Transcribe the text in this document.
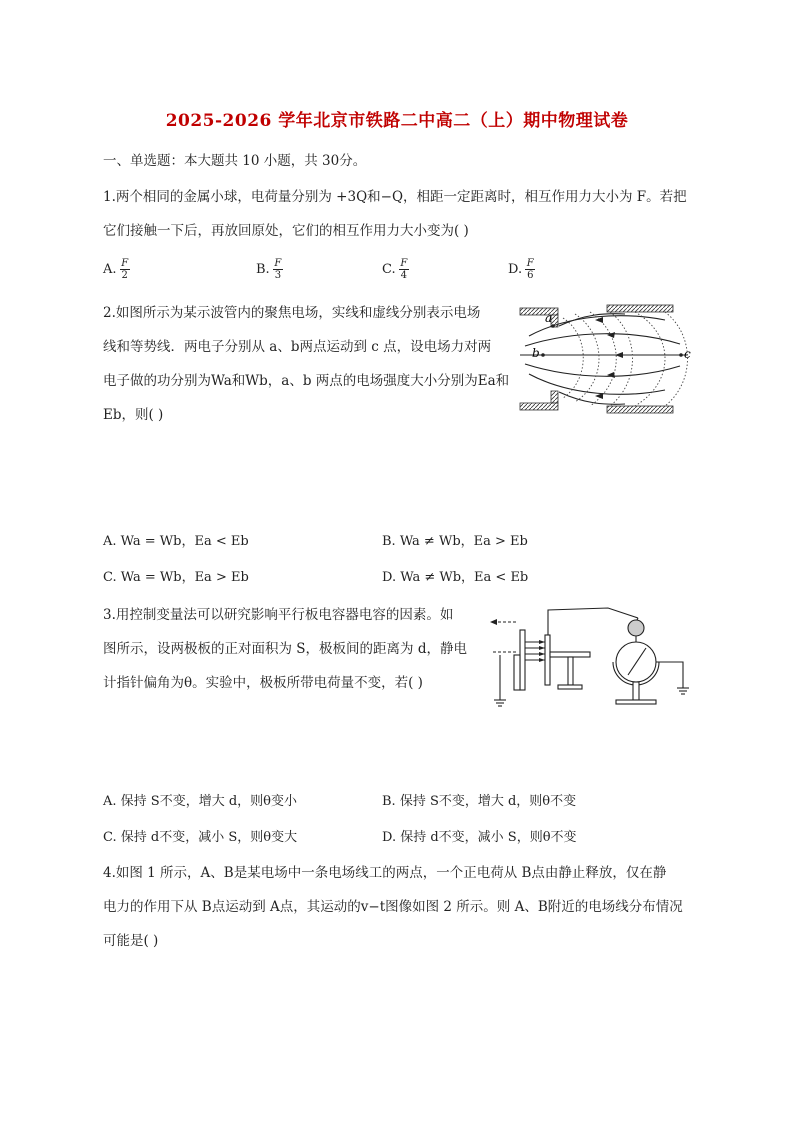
2025-2026 学年北京市铁路二中高二（上）期中物理试卷
一、单选题：本大题共 10 小题，共 30分。
1.两个相同的金属小球，电荷量分别为 +3Q和−Q，相距一定距离时，相互作用力大小为 F。若把
它们接触一下后，再放回原处，它们的相互作用力大小变为( )
A. $\frac{F}{2}$	B. $\frac{F}{3}$	C. $\frac{F}{4}$	D. $\frac{F}{6}$
2.如图所示为某示波管内的聚焦电场，实线和虚线分别表示电场
线和等势线．两电子分别从 a、b两点运动到 c 点，设电场力对两
电子做的功分别为Wa和Wb，a、b 两点的电场强度大小分别为Ea和
Eb，则( )
a
b	c
A. Wa = Wb，Ea < Eb	B. Wa ≠ Wb，Ea > Eb
C. Wa = Wb，Ea > Eb	D. Wa ≠ Wb，Ea < Eb
3.用控制变量法可以研究影响平行板电容器电容的因素。如
图所示，设两极板的正对面积为 S，极板间的距离为 d，静电
计指针偏角为θ。实验中，极板所带电荷量不变，若( )
A. 保持 S不变，增大 d，则θ变小	B. 保持 S不变，增大 d，则θ不变
C. 保持 d不变，减小 S，则θ变大	D. 保持 d不变，减小 S，则θ不变
4.如图 1 所示，A、B是某电场中一条电场线工的两点，一个正电荷从 B点由静止释放，仅在静
电力的作用下从 B点运动到 A点，其运动的v−t图像如图 2 所示。则 A、B附近的电场线分布情况
可能是( )
